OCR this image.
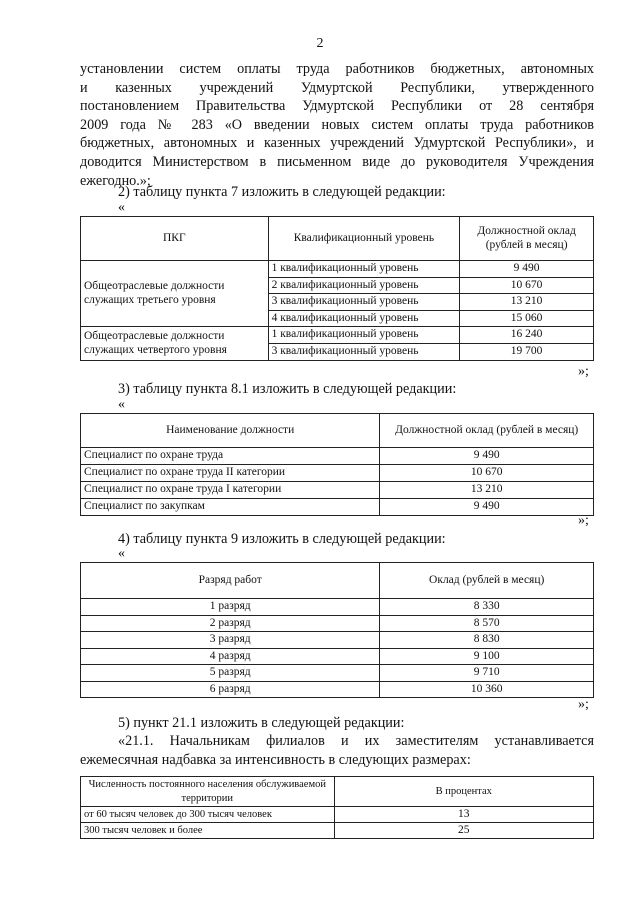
2
установлении систем оплаты труда работников бюджетных, автономных
и казенных учреждений Удмуртской Республики, утвержденного
постановлением Правительства Удмуртской Республики от 28 сентября
2009 года № 283 «О введении новых систем оплаты труда работников
бюджетных, автономных и казенных учреждений Удмуртской Республики», и
доводится Министерством в письменном виде до руководителя Учреждения
ежегодно.»;
2) таблицу пункта 7 изложить в следующей редакции:
«
ПКГ	Квалификационный уровень	Должностной оклад (рублей в месяц)
Общеотраслевые должности служащих третьего уровня	1 квалификационный уровень	9 490
	2 квалификационный уровень	10 670
	3 квалификационный уровень	13 210
	4 квалификационный уровень	15 060
Общеотраслевые должности служащих четвертого уровня	1 квалификационный уровень	16 240
	3 квалификационный уровень	19 700
»;
3) таблицу пункта 8.1 изложить в следующей редакции:
«
Наименование должности	Должностной оклад (рублей в месяц)
Специалист по охране труда	9 490
Специалист по охране труда II категории	10 670
Специалист по охране труда I категории	13 210
Специалист по закупкам	9 490
»;
4) таблицу пункта 9 изложить в следующей редакции:
«
Разряд работ	Оклад (рублей в месяц)
1 разряд	8 330
2 разряд	8 570
3 разряд	8 830
4 разряд	9 100
5 разряд	9 710
6 разряд	10 360
»;
5) пункт 21.1 изложить в следующей редакции:
«21.1. Начальникам филиалов и их заместителям устанавливается
ежемесячная надбавка за интенсивность в следующих размерах:
Численность постоянного населения обслуживаемой территории	В процентах
от 60 тысяч человек до 300 тысяч человек	13
300 тысяч человек и более	25
